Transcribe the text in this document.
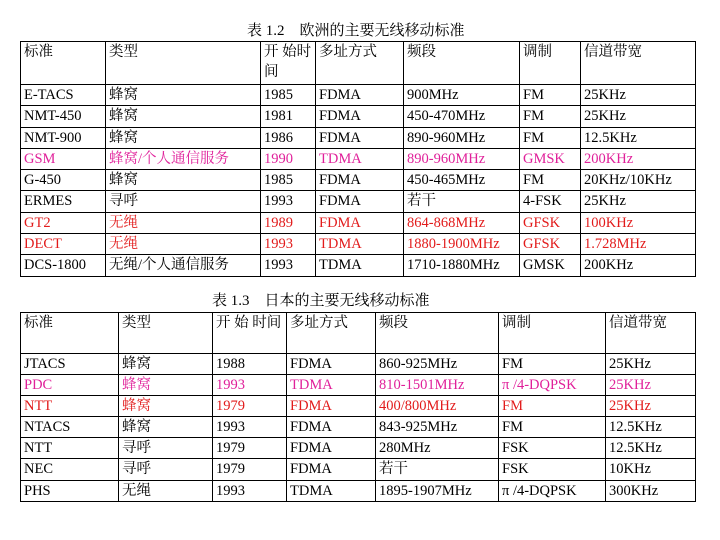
表 1.2　欧洲的主要无线移动标准
标准	类型	开 始时间	多址方式	频段	调制	信道带宽
E-TACS	蜂窝	1985	FDMA	900MHz	FM	25KHz
NMT-450	蜂窝	1981	FDMA	450-470MHz	FM	25KHz
NMT-900	蜂窝	1986	FDMA	890-960MHz	FM	12.5KHz
GSM	蜂窝/个人通信服务	1990	TDMA	890-960MHz	GMSK	200KHz
G-450	蜂窝	1985	FDMA	450-465MHz	FM	20KHz/10KHz
ERMES	寻呼	1993	FDMA	若干	4-FSK	25KHz
GT2	无绳	1989	FDMA	864-868MHz	GFSK	100KHz
DECT	无绳	1993	TDMA	1880-1900MHz	GFSK	1.728MHz
DCS-1800	无绳/个人通信服务	1993	TDMA	1710-1880MHz	GMSK	200KHz
表 1.3　日本的主要无线移动标准
标准	类型	开 始 时间	多址方式	频段	调制	信道带宽
JTACS	蜂窝	1988	FDMA	860-925MHz	FM	25KHz
PDC	蜂窝	1993	TDMA	810-1501MHz	π /4-DQPSK	25KHz
NTT	蜂窝	1979	FDMA	400/800MHz	FM	25KHz
NTACS	蜂窝	1993	FDMA	843-925MHz	FM	12.5KHz
NTT	寻呼	1979	FDMA	280MHz	FSK	12.5KHz
NEC	寻呼	1979	FDMA	若干	FSK	10KHz
PHS	无绳	1993	TDMA	1895-1907MHz	π /4-DQPSK	300KHz
